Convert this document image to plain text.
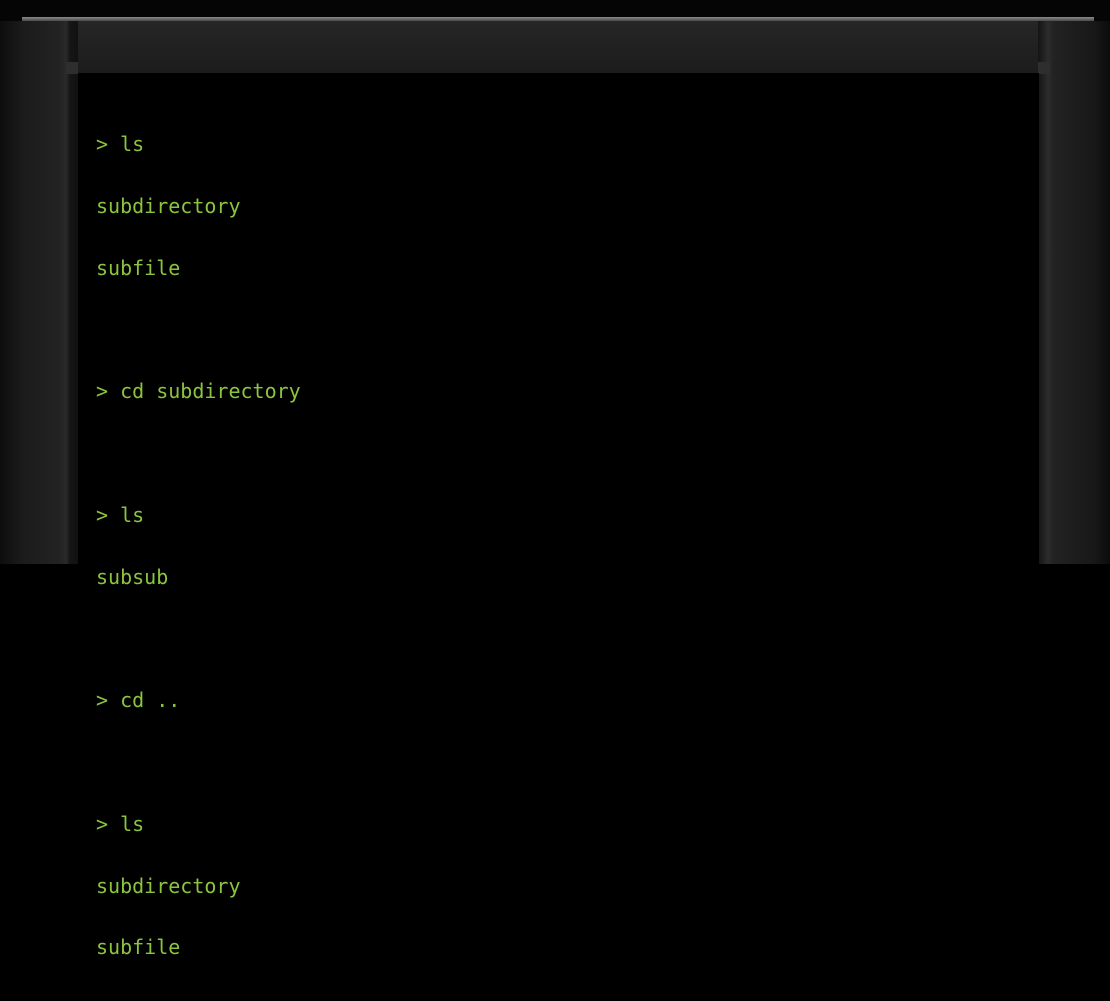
> ls

subdirectory

subfile

> cd subdirectory

> ls

subsub

> cd ..

> ls

subdirectory

subfile
